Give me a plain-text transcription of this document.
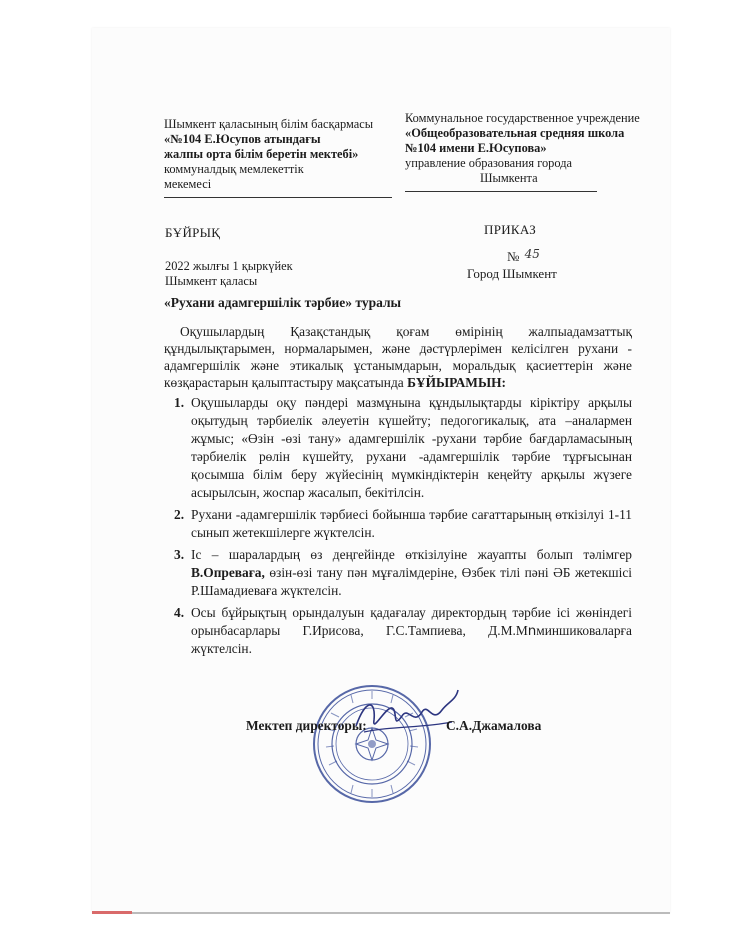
Шымкент қаласының білім басқармасы
«№104 Е.Юсупов атындағы
жалпы орта білім беретін мектебі»
коммуналдық мемлекеттік
мекемесі
Коммунальное государственное учреждение
«Общеобразовательная средняя школа
№104 имени Е.Юсупова»
управление образования города
Шымкента
БҰЙРЫҚ	ПРИКАЗ
2022 жылғы 1 қыркүйек
Шымкент қаласы
№ 45
Город Шымкент
«Рухани адамгершілік тәрбие» туралы

Оқушылардың Қазақстандық қоғам өмірінің жалпыадамзаттық құндылықтарымен, нормаларымен, және дәстүрлерімен келісілген рухани - адамгершілік және этикалық ұстанымдарын, моральдық қасиеттерін және көзқарастарын қалыптастыру мақсатында БҰЙЫРАМЫН:

1. Оқушыларды оқу пәндері мазмұнына құндылықтарды кіріктіру арқылы оқытудың тәрбиелік әлеуетін күшейту; педогогикалық, ата –аналармен жұмыс; «Өзін -өзі тану» адамгершілік -рухани тәрбие бағдарламасының тәрбиелік рөлін күшейту, рухани -адамгершілік тәрбие тұрғысынан қосымша білім беру жүйесінің мүмкіндіктерін кеңейту арқылы жүзеге асырылсын, жоспар жасалып, бекітілсін.
2. Рухани -адамгершілік тәрбиесі бойынша тәрбие сағаттарының өткізілуі 1-11 сынып жетекшілерге жүктелсін.
3. Іс – шаралардың өз деңгейінде өткізілуіне жауапты болып тәлімгер В.Опреваға, өзін-өзі тану пән мұғалімдеріне, Өзбек тілі пәні ӘБ жетекшісі Р.Шамадиеваға жүктелсін.
4. Осы бұйрықтың орындалуын қадағалау директордың тәрбие ісі жөніндегі орынбасарлары Г.Ирисова, Г.С.Тампиева, Д.М.Мոминшиковаларға жүктелсін.
Мектеп директоры:	С.А.Джамалова
